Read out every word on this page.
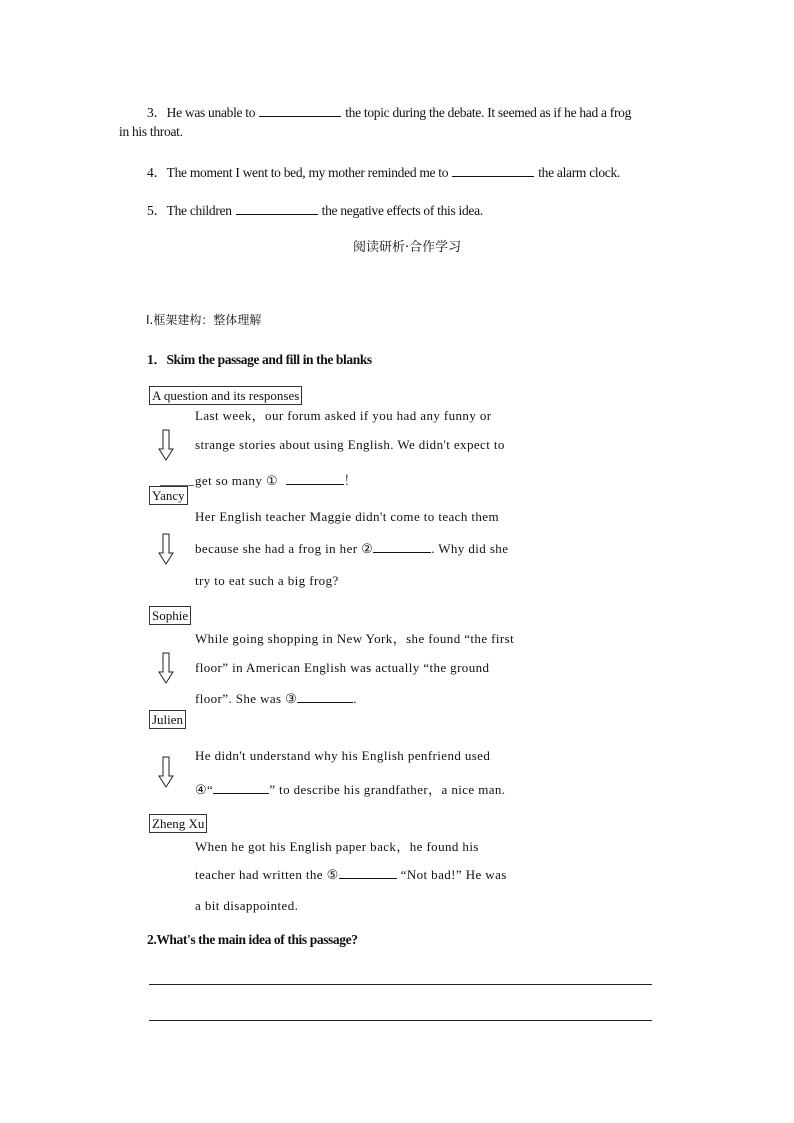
3．He was unable to	the topic during the debate. It seemed as if he had a frog
in his throat.
4．The moment I went to bed, my mother reminded me to	the alarm clock.
5．The children	the negative effects of this idea.
阅读研析·合作学习
Ⅰ.框架建构：整体理解
1．Skim the passage and fill in the blanks
A question and its responses
Last week，our forum asked if you had any funny or
strange stories about using English. We didn't expect to
get so many ①	！
Yancy
Her English teacher Maggie didn't come to teach them
because she had a frog in her ②	. Why did she
try to eat such a big frog?
Sophie
While going shopping in New York，she found “the first
floor” in American English was actually “the ground
floor”. She was ③	.
Julien
He didn't understand why his English penfriend used
④“	” to describe his grandfather，a nice man.
Zheng Xu
When he got his English paper back，he found his
teacher had written the ⑤	“Not bad!” He was
a bit disappointed.
2.What's the main idea of this passage?
